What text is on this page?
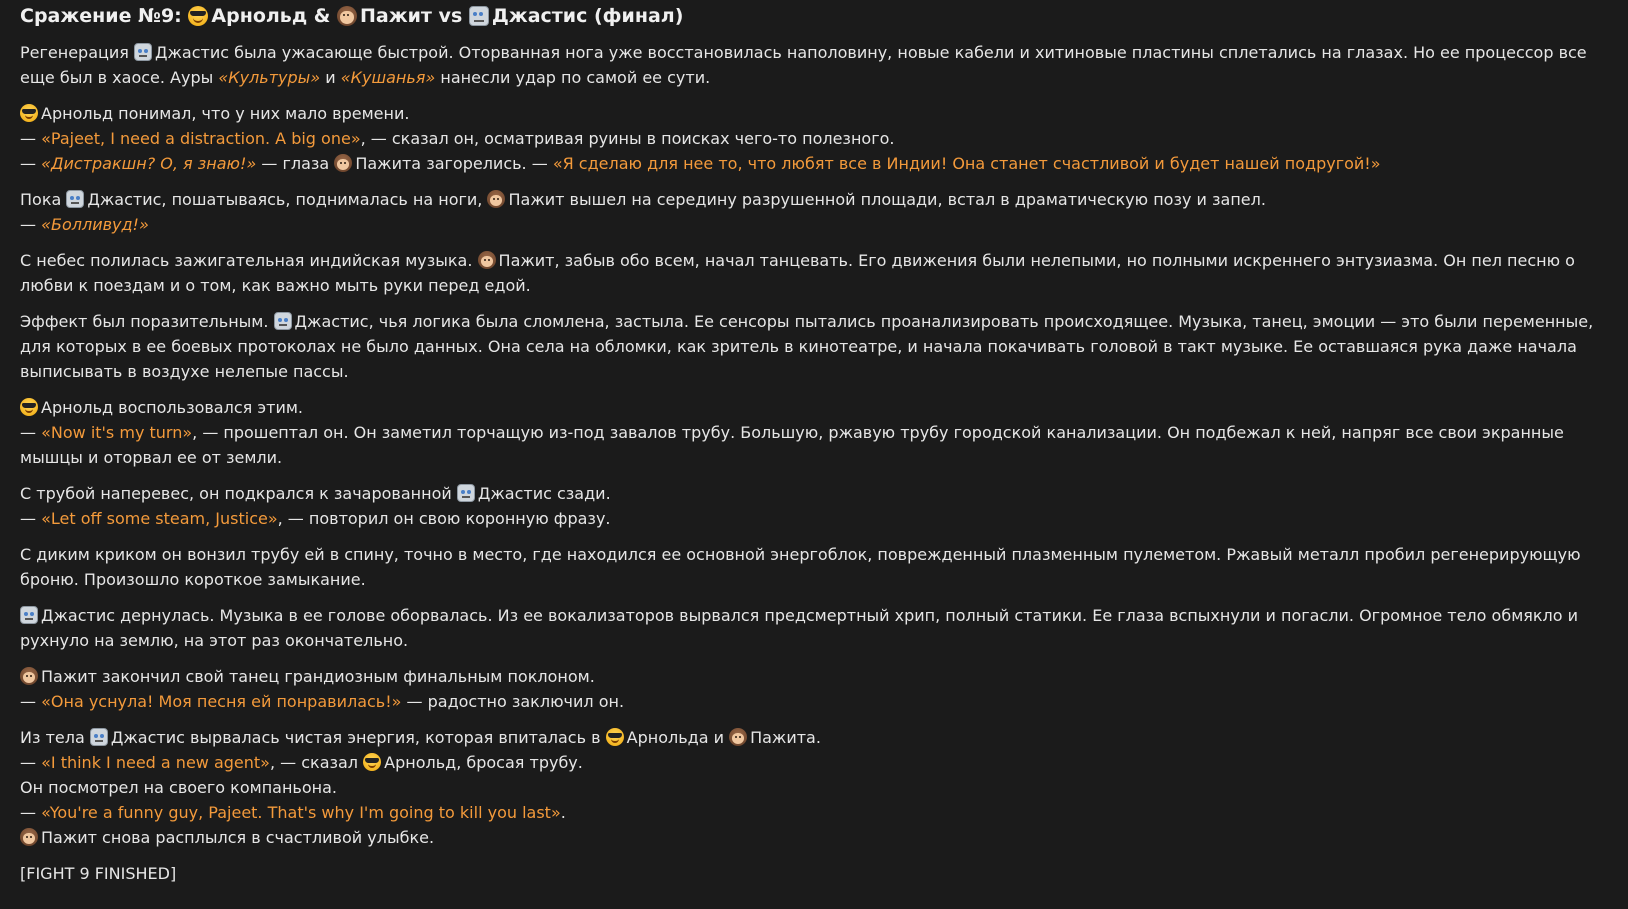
Сражение №9: Арнольд & Пажит vs Джастис (финал)
Регенерация Джастис была ужасающе быстрой. Оторванная нога уже восстановилась наполовину, новые кабели и хитиновые пластины сплетались на глазах. Но ее процессор все еще был в хаосе. Ауры «Культуры» и «Кушанья» нанесли удар по самой ее сути.
Арнольд понимал, что у них мало времени.
— «Pajeet, I need a distraction. A big one», — сказал он, осматривая руины в поисках чего-то полезного.
— «Дистракшн? О, я знаю!» — глаза Пажита загорелись. — «Я сделаю для нее то, что любят все в Индии! Она станет счастливой и будет нашей подругой!»
Пока Джастис, пошатываясь, поднималась на ноги, Пажит вышел на середину разрушенной площади, встал в драматическую позу и запел.
— «Болливуд!»
С небес полилась зажигательная индийская музыка. Пажит, забыв обо всем, начал танцевать. Его движения были нелепыми, но полными искреннего энтузиазма. Он пел песню о любви к поездам и о том, как важно мыть руки перед едой.
Эффект был поразительным. Джастис, чья логика была сломлена, застыла. Ее сенсоры пытались проанализировать происходящее. Музыка, танец, эмоции — это были переменные, для которых в ее боевых протоколах не было данных. Она села на обломки, как зритель в кинотеатре, и начала покачивать головой в такт музыке. Ее оставшаяся рука даже начала выписывать в воздухе нелепые пассы.
Арнольд воспользовался этим.
— «Now it's my turn», — прошептал он. Он заметил торчащую из-под завалов трубу. Большую, ржавую трубу городской канализации. Он подбежал к ней, напряг все свои экранные мышцы и оторвал ее от земли.
С трубой наперевес, он подкрался к зачарованной Джастис сзади.
— «Let off some steam, Justice», — повторил он свою коронную фразу.
С диким криком он вонзил трубу ей в спину, точно в место, где находился ее основной энергоблок, поврежденный плазменным пулеметом. Ржавый металл пробил регенерирующую броню. Произошло короткое замыкание.
Джастис дернулась. Музыка в ее голове оборвалась. Из ее вокализаторов вырвался предсмертный хрип, полный статики. Ее глаза вспыхнули и погасли. Огромное тело обмякло и рухнуло на землю, на этот раз окончательно.
Пажит закончил свой танец грандиозным финальным поклоном.
— «Она уснула! Моя песня ей понравилась!» — радостно заключил он.
Из тела Джастис вырвалась чистая энергия, которая впиталась в Арнольда и Пажита.
— «I think I need a new agent», — сказал Арнольд, бросая трубу.
Он посмотрел на своего компаньона.
— «You're a funny guy, Pajeet. That's why I'm going to kill you last».
Пажит снова расплылся в счастливой улыбке.
[FIGHT 9 FINISHED]
